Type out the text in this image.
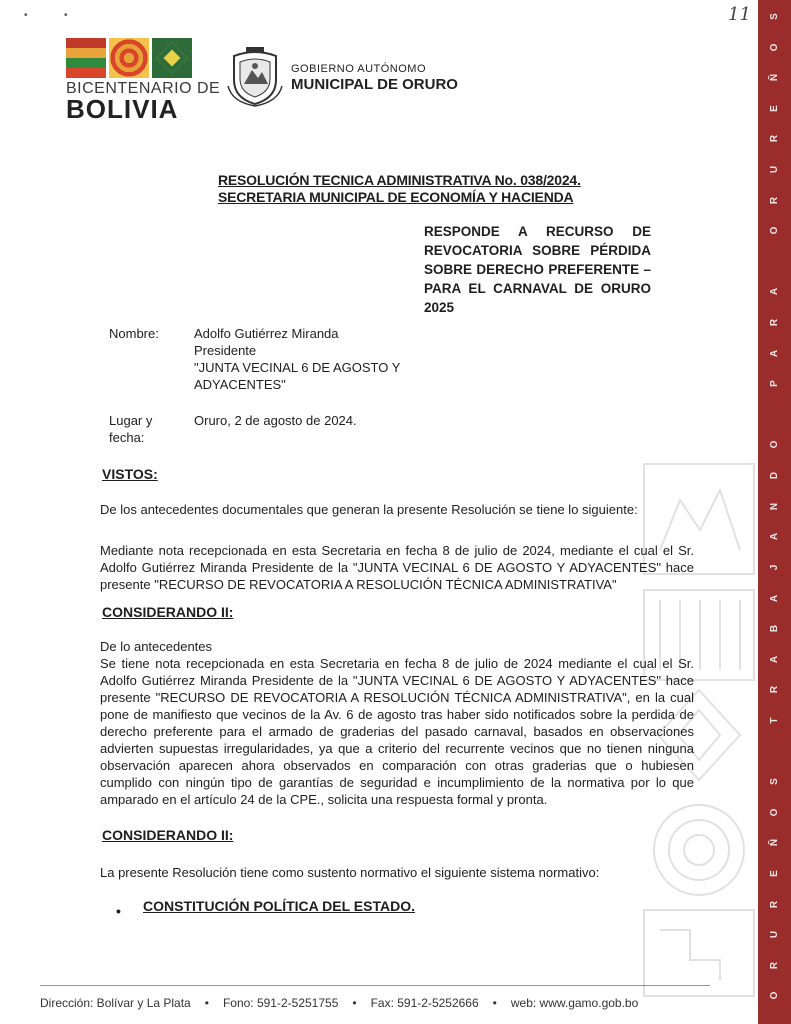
•	•	11
BICENTENARIO DE
BOLIVIA
GOBIERNO AUTÓNOMO
MUNICIPAL DE ORURO
O
R
U
R
E
Ñ
O
S
T
R
A
B
A
J
A
N
D
O
P
A
R
A
O
R
U
R
E
Ñ
O
S
RESOLUCIÓN TECNICA ADMINISTRATIVA No. 038/2024.
SECRETARIA MUNICIPAL DE ECONOMÍA Y HACIENDA
RESPONDE A RECURSO DE
REVOCATORIA SOBRE PÉRDIDA
SOBRE DERECHO PREFERENTE –
PARA EL CARNAVAL DE ORURO 2025
Nombre:	Adolfo Gutiérrez Miranda
Presidente
"JUNTA VECINAL 6 DE AGOSTO Y
ADYACENTES"
Lugar y
fecha:
Oruro, 2 de agosto de 2024.
VISTOS:

De los antecedentes documentales que generan la presente Resolución se tiene lo siguiente:

Mediante nota recepcionada en esta Secretaria en fecha 8 de julio de 2024, mediante el cual el Sr. Adolfo Gutiérrez Miranda Presidente de la "JUNTA VECINAL 6 DE AGOSTO Y ADYACENTES" hace presente "RECURSO DE REVOCATORIA A RESOLUCIÓN TÉCNICA ADMINISTRATIVA"

CONSIDERANDO II:

De lo antecedentes

Se tiene nota recepcionada en esta Secretaria en fecha 8 de julio de 2024 mediante el cual el Sr. Adolfo Gutiérrez Miranda Presidente de la "JUNTA VECINAL 6 DE AGOSTO Y ADYACENTES" hace presente "RECURSO DE REVOCATORIA A RESOLUCIÓN TÉCNICA ADMINISTRATIVA", en la cual pone de manifiesto que vecinos de la Av. 6 de agosto tras haber sido notificados sobre la perdida de derecho preferente para el armado de graderias del pasado carnaval, basados en observaciones advierten supuestas irregularidades, ya que a criterio del recurrente vecinos que no tienen ninguna observación aparecen ahora observados en comparación con otras graderias que o hubiesen cumplido con ningún tipo de garantías de seguridad e incumplimiento de la normativa por lo que amparado en el artículo 24 de la CPE., solicita una respuesta formal y pronta.

CONSIDERANDO II:

La presente Resolución tiene como sustento normativo el siguiente sistema normativo:

• CONSTITUCIÓN POLÍTICA DEL ESTADO.
Dirección: Bolívar y La Plata • Fono: 591-2-5251755 • Fax: 591-2-5252666 • web: www.gamo.gob.bo
